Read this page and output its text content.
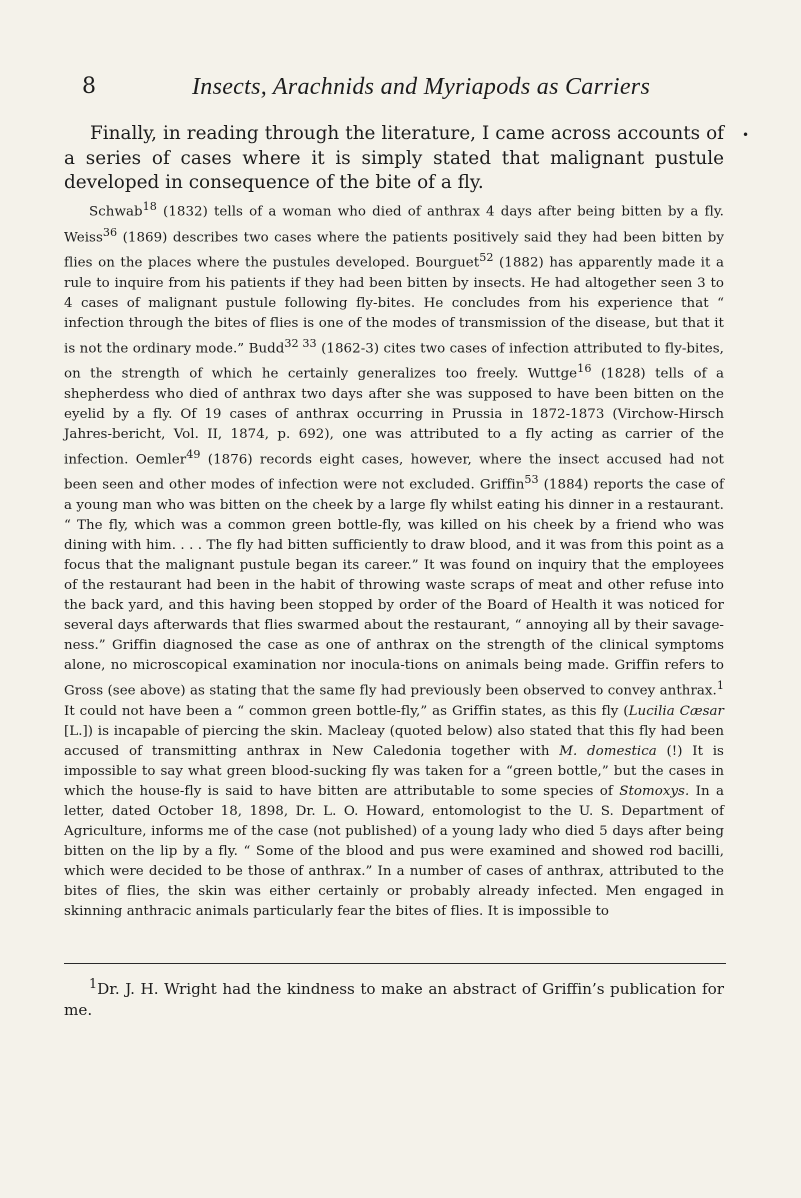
8	Insects, Arachnids and Myriapods as Carriers
•

Finally, in reading through the literature, I came across accounts of a series of cases where it is simply stated that malignant pustule developed in consequence of the bite of a fly.

Schwab$^{18}$ (1832) tells of a woman who died of anthrax 4 days after being bitten by a fly. Weiss$^{36}$ (1869) describes two cases where the patients positively said they had been bitten by flies on the places where the pustules developed. Bourguet$^{52}$ (1882) has apparently made it a rule to inquire from his patients if they had been bitten by insects. He had altogether seen 3 to 4 cases of malignant pustule following fly-bites. He concludes from his experience that “ infection through the bites of flies is one of the modes of transmission of the disease, but that it is not the ordinary mode.” Budd$^{32 33}$ (1862-3) cites two cases of infection attributed to fly-bites, on the strength of which he certainly generalizes too freely. Wuttge$^{16}$ (1828) tells of a shepherdess who died of anthrax two days after she was supposed to have been bitten on the eyelid by a fly. Of 19 cases of anthrax occurring in Prussia in 1872-1873 (Virchow-Hirsch Jahres-bericht, Vol. II, 1874, p. 692), one was attributed to a fly acting as carrier of the infection. Oemler$^{49}$ (1876) records eight cases, however, where the insect accused had not been seen and other modes of infection were not excluded. Griffin$^{53}$ (1884) reports the case of a young man who was bitten on the cheek by a large fly whilst eating his dinner in a restaurant. “ The fly, which was a common green bottle-fly, was killed on his cheek by a friend who was dining with him. . . . The fly had bitten sufficiently to draw blood, and it was from this point as a focus that the malignant pustule began its career.” It was found on inquiry that the employees of the restaurant had been in the habit of throwing waste scraps of meat and other refuse into the back yard, and this having been stopped by order of the Board of Health it was noticed for several days afterwards that flies swarmed about the restaurant, “ annoying all by their savage-ness.” Griffin diagnosed the case as one of anthrax on the strength of the clinical symptoms alone, no microscopical examination nor inocula-tions on animals being made. Griffin refers to Gross (see above) as stating that the same fly had previously been observed to convey anthrax.$^1$ It could not have been a “ common green bottle-fly,” as Griffin states, as this fly (Lucilia Cæsar [L.]) is incapable of piercing the skin. Macleay (quoted below) also stated that this fly had been accused of transmitting anthrax in New Caledonia together with M. domestica (!) It is impossible to say what green blood-sucking fly was taken for a “green bottle,” but the cases in which the house-fly is said to have bitten are attributable to some species of Stomoxys. In a letter, dated October 18, 1898, Dr. L. O. Howard, entomologist to the U. S. Department of Agriculture, informs me of the case (not published) of a young lady who died 5 days after being bitten on the lip by a fly. “ Some of the blood and pus were examined and showed rod bacilli, which were decided to be those of anthrax.” In a number of cases of anthrax, attributed to the bites of flies, the skin was either certainly or probably already infected. Men engaged in skinning anthracic animals particularly fear the bites of flies. It is impossible to

$^1$Dr. J. H. Wright had the kindness to make an abstract of Griffin’s publication for me.
